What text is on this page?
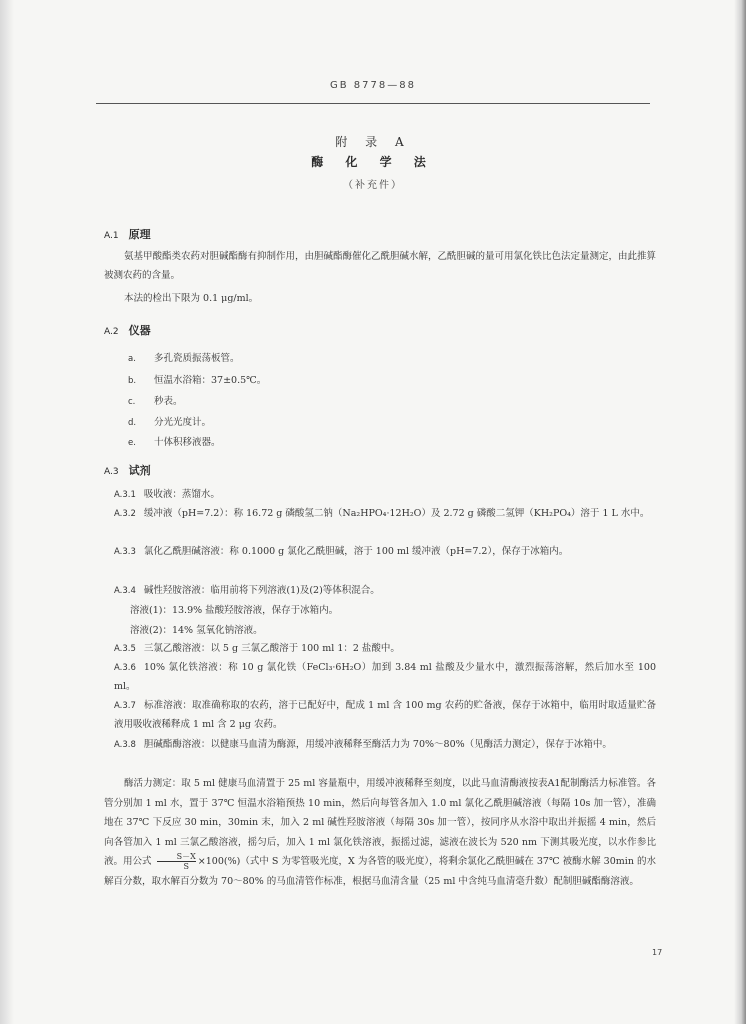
GB 8778—88
附 录 A
酶 化 学 法
（补充件）
A.1 原理
氨基甲酸酯类农药对胆碱酯酶有抑制作用，由胆碱酯酶催化乙酰胆碱水解，乙酰胆碱的量可用氯化铁比色法定量测定，由此推算被测农药的含量。
本法的检出下限为 0.1 μg/ml。
A.2 仪器
a. 多孔瓷质振荡板管。
b. 恒温水浴箱：37±0.5℃。
c. 秒表。
d. 分光光度计。
e. 十体积移液器。
A.3 试剂
A.3.1 吸收液：蒸馏水。
A.3.2 缓冲液（pH=7.2）：称 16.72 g 磷酸氢二钠（Na₂HPO₄·12H₂O）及 2.72 g 磷酸二氢钾（KH₂PO₄）溶于 1 L 水中。
A.3.3 氯化乙酰胆碱溶液：称 0.1000 g 氯化乙酰胆碱，溶于 100 ml 缓冲液（pH=7.2），保存于冰箱内。
A.3.4 碱性羟胺溶液：临用前将下列溶液(1)及(2)等体积混合。
溶液(1)：13.9% 盐酸羟胺溶液，保存于冰箱内。
溶液(2)：14% 氢氧化钠溶液。
A.3.5 三氯乙酸溶液：以 5 g 三氯乙酸溶于 100 ml 1：2 盐酸中。
A.3.6 10% 氯化铁溶液：称 10 g 氯化铁（FeCl₃·6H₂O）加到 3.84 ml 盐酸及少量水中，激烈振荡溶解，然后加水至 100 ml。
A.3.7 标准溶液：取准确称取的农药，溶于已配好中，配成 1 ml 含 100 mg 农药的贮备液，保存于冰箱中，临用时取适量贮备液用吸收液稀释成 1 ml 含 2 μg 农药。
A.3.8 胆碱酯酶溶液：以健康马血清为酶源，用缓冲液稀释至酶活力为 70%～80%（见酶活力测定），保存于冰箱中。
酶活力测定：取 5 ml 健康马血清置于 25 ml 容量瓶中，用缓冲液稀释至刻度，以此马血清酶液按表A1配制酶活力标准管。各管分别加 1 ml 水，置于 37℃ 恒温水浴箱预热 10 min，然后向每管各加入 1.0 ml 氯化乙酰胆碱溶液（每隔 10s 加一管），准确地在 37℃ 下反应 30 min，30min 末，加入 2 ml 碱性羟胺溶液（每隔 30s 加一管），按同序从水浴中取出并振摇 4 min，然后向各管加入 1 ml 三氯乙酸溶液，摇匀后，加入 1 ml 氯化铁溶液，振摇过滤，滤液在波长为 520 nm 下测其吸光度，以水作参比液。用公式 $\frac{S-X}{S} \times 100(\%)$（式中 S 为零管吸光度，X 为各管的吸光度），将剩余氯化乙酰胆碱在 37℃ 被酶水解 30min 的水解百分数，取水解百分数为 70～80% 的马血清管作标准，根据马血清含量（25 ml 中含纯马血清毫升数）配制胆碱酯酶溶液。
17
